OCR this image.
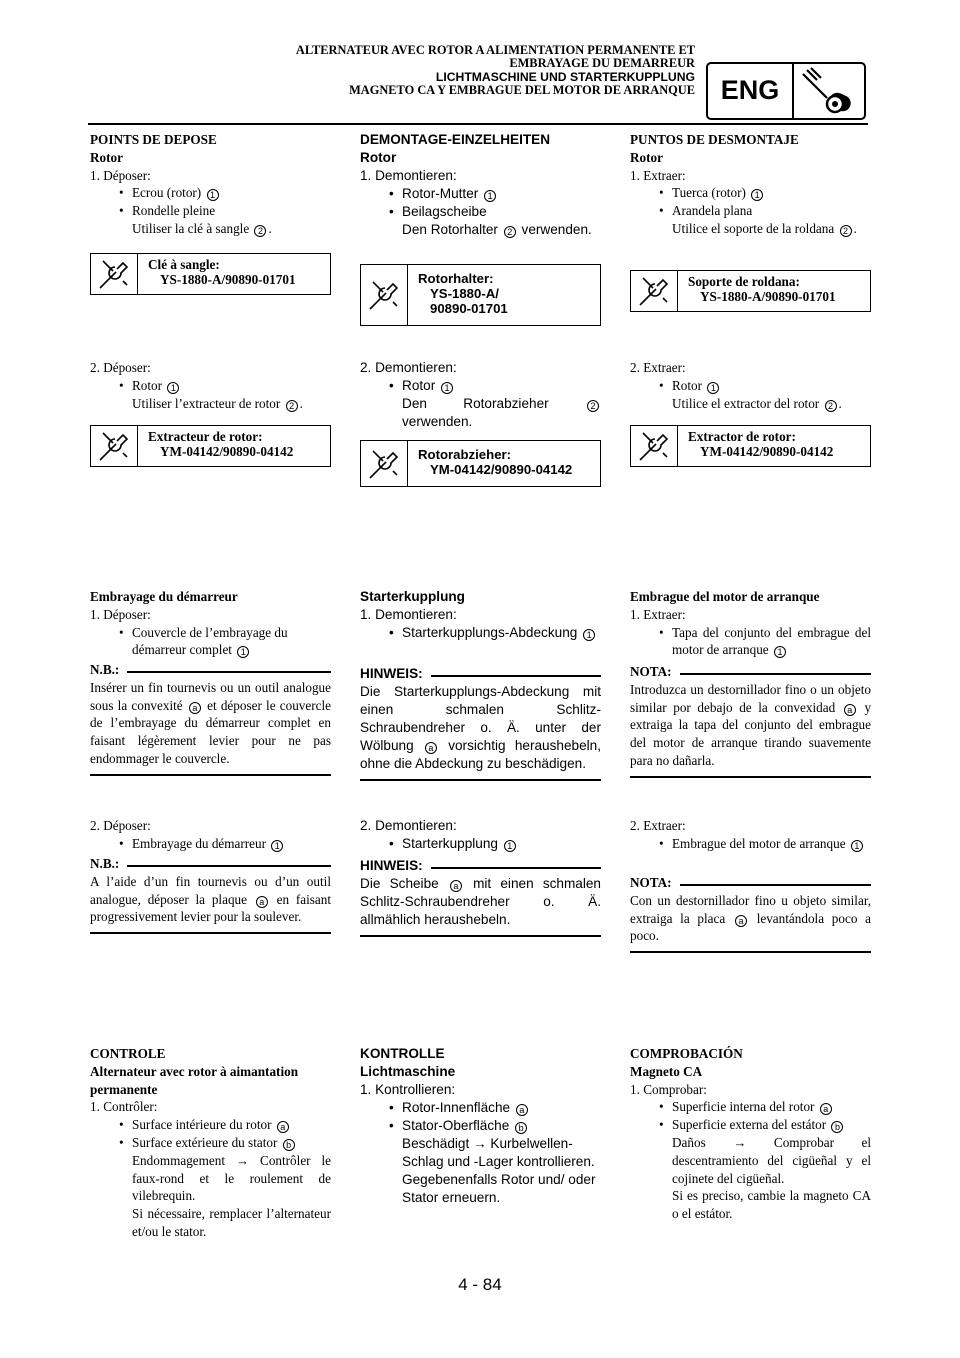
ALTERNATEUR AVEC ROTOR A ALIMENTATION PERMANENTE ET
EMBRAYAGE DU DEMARREUR
LICHTMASCHINE UND STARTERKUPPLUNG
MAGNETO CA Y EMBRAGUE DEL MOTOR DE ARRANQUE ENG
POINTS DE DEPOSE
Rotor
1. Déposer:
• Ecrou (rotor) 1
• Rondelle pleine
Utiliser la clé à sangle 2 .
Clé à sangle:
YS-1880-A/90890-01701
2. Déposer:
• Rotor 1
Utiliser l’extracteur de rotor 2 .
Extracteur de rotor:
YM-04142/90890-04142
Embrayage du démarreur
1. Déposer:
• Couvercle de l’embrayage du démarreur complet 1
N.B.:
Insérer un fin tournevis ou un outil analogue sous la convexité a et déposer le couvercle de l’embrayage du démarreur complet en faisant légèrement levier pour ne pas endommager le couvercle.
2. Déposer:
• Embrayage du démarreur 1
N.B.:
A l’aide d’un fin tournevis ou d’un outil analogue, déposer la plaque a en faisant progressivement levier pour la soulever.
CONTROLE
Alternateur avec rotor à aimantation permanente
1. Contrôler:
• Surface intérieure du rotor a
• Surface extérieure du stator b
Endommagement → Contrôler le faux-rond et le roulement de vilebrequin.
Si nécessaire, remplacer l’alternateur et/ou le stator.
DEMONTAGE-EINZELHEITEN
Rotor
1. Demontieren:
• Rotor-Mutter 1
• Beilagscheibe
Den Rotorhalter 2 verwenden.
Rotorhalter:
YS-1880-A/
90890-01701
2. Demontieren:
• Rotor 1
Den Rotorabzieher	2 verwenden.
Rotorabzieher:
YM-04142/90890-04142
Starterkupplung
1. Demontieren:
• Starterkupplungs-Abdeckung 1
HINWEIS:
Die Starterkupplungs-Abdeckung mit einen schmalen Schlitz-Schraubendreher o. Ä. unter der Wölbung a vorsichtig heraushebeln, ohne die Abdeckung zu beschädigen.
2. Demontieren:
• Starterkupplung 1
HINWEIS:
Die Scheibe a mit einen schmalen Schlitz-Schraubendreher o. Ä. allmählich heraushebeln.
KONTROLLE
Lichtmaschine
1. Kontrollieren:
• Rotor-Innenfläche a
• Stator-Oberfläche b
Beschädigt → Kurbelwellen-Schlag und -Lager kontrollieren.
Gegebenenfalls Rotor und/ oder Stator erneuern.
PUNTOS DE DESMONTAJE
Rotor
1. Extraer:
• Tuerca (rotor) 1
• Arandela plana
Utilice el soporte de la roldana 2 .
Soporte de roldana:
YS-1880-A/90890-01701
2. Extraer:
• Rotor 1
Utilice el extractor del rotor 2 .
Extractor de rotor:
YM-04142/90890-04142
Embrague del motor de arranque
1. Extraer:
• Tapa del conjunto del embrague del motor de arranque 1
NOTA:
Introduzca un destornillador fino o un objeto similar por debajo de la convexidad a y extraiga la tapa del conjunto del embrague del motor de arranque tirando suavemente para no dañarla.
2. Extraer:
• Embrague del motor de arranque 1
NOTA:
Con un destornillador fino u objeto similar, extraiga la placa a levantándola poco a poco.
COMPROBACIÓN
Magneto CA
1. Comprobar:
• Superficie interna del rotor a
• Superficie externa del estátor b
Daños → Comprobar el descentramiento del cigüeñal y el cojinete del cigüeñal.
Si es preciso, cambie la magneto CA o el estátor.
4 - 84
